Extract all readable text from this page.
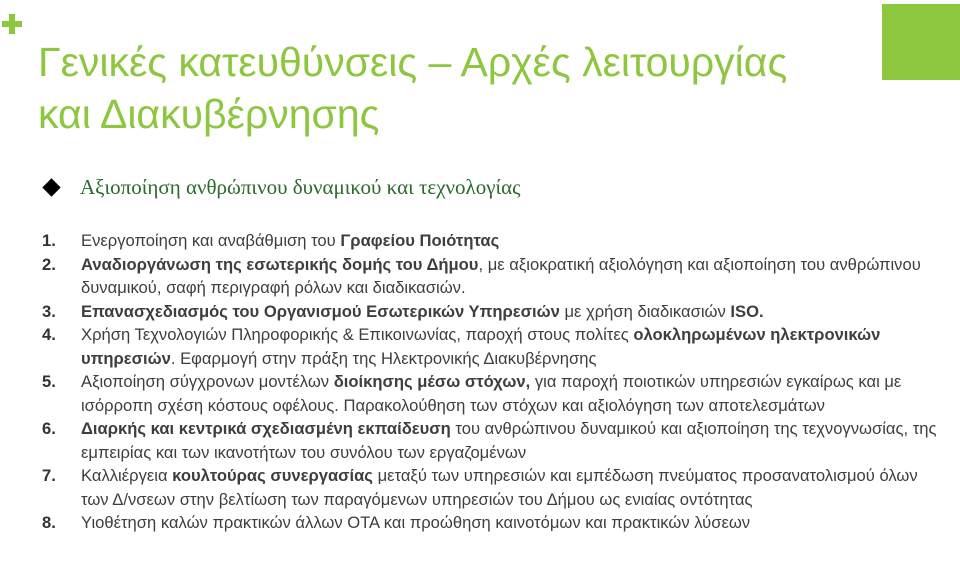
Γενικές κατευθύνσεις – Αρχές λειτουργίας και Διακυβέρνησης
Αξιοποίηση ανθρώπινου δυναμικού και τεχνολογίας
1.	Ενεργοποίηση και αναβάθμιση του Γραφείου Ποιότητας
2.	Αναδιοργάνωση της εσωτερικής δομής του Δήμου, με αξιοκρατική αξιολόγηση και αξιοποίηση του ανθρώπινου δυναμικού, σαφή περιγραφή ρόλων και διαδικασιών.
3.	Επανασχεδιασμός του Οργανισμού Εσωτερικών Υπηρεσιών με χρήση διαδικασιών ISO.
4.	Χρήση Τεχνολογιών Πληροφορικής & Επικοινωνίας, παροχή στους πολίτες ολοκληρωμένων ηλεκτρονικών υπηρεσιών. Εφαρμογή στην πράξη της Ηλεκτρονικής Διακυβέρνησης
5.	Αξιοποίηση σύγχρονων μοντέλων διοίκησης μέσω στόχων, για παροχή ποιοτικών υπηρεσιών εγκαίρως και με ισόρροπη σχέση κόστους οφέλους. Παρακολούθηση των στόχων και αξιολόγηση των αποτελεσμάτων
6.	Διαρκής και κεντρικά σχεδιασμένη εκπαίδευση του ανθρώπινου δυναμικού και αξιοποίηση της τεχνογνωσίας, της εμπειρίας και των ικανοτήτων του συνόλου των εργαζομένων
7.	Καλλιέργεια κουλτούρας συνεργασίας μεταξύ των υπηρεσιών και εμπέδωση πνεύματος προσανατολισμού όλων των Δ/νσεων στην βελτίωση των παραγόμενων υπηρεσιών του Δήμου ως ενιαίας οντότητας
8.	Υιοθέτηση καλών πρακτικών άλλων ΟΤΑ και προώθηση καινοτόμων και πρακτικών λύσεων
